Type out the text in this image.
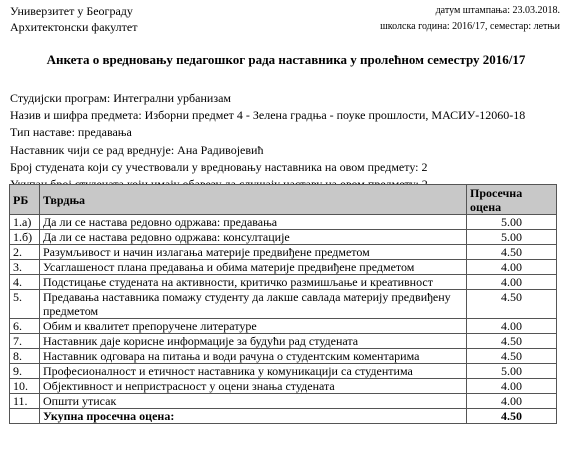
Универзитет у Београду
Архитектонски факултет
датум штампања: 23.03.2018.
школска година: 2016/17, семестар: летњи
Анкета о вредновању педагошког рада наставника у пролећном семестру 2016/17
Студијски програм: Интегрални урбанизам
Назив и шифра предмета: Изборни предмет 4 - Зелена градња - поуке прошлости, МАСИУ-12060-18
Тип наставе: предавања
Наставник чији се рад вреднује: Ана Радивојевић
Број студената који су учествовали у вредновању наставника на овом предмету: 2
РБ	Тврдња	Просечна оцена
1.а)	Да ли се настава редовно одржава: предавања	5.00
1.б)	Да ли се настава редовно одржава: консултације	5.00
2.	Разумљивост и начин излагања материје предвиђене предметом	4.50
3.	Усаглашеност плана предавања и обима материје предвиђене предметом	4.00
4.	Подстицање студената на активности, критичко размишљање и креативност	4.00
5.	Предавања наставника помажу студенту да лакше савлада материју предвиђену предметом	4.50
6.	Обим и квалитет препоручене литературе	4.00
7.	Наставник даје корисне информације за будући рад студената	4.50
8.	Наставник одговара на питања и води рачуна о студентским коментарима	4.50
9.	Професионалност и етичност наставника у комуникацији са студентима	5.00
10.	Објективност и непристрасност у оцени знања студената	4.00
11.	Општи утисак	4.00
	Укупна просечна оцена:	4.50
